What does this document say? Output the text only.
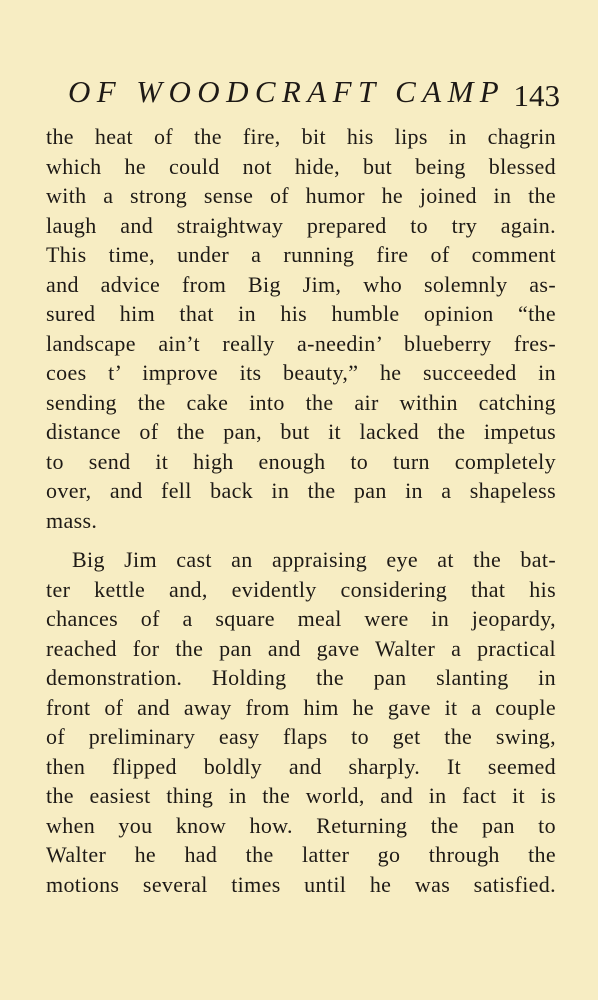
OF WOODCRAFT CAMP 143
the heat of the fire, bit his lips in chagrin
which he could not hide, but being blessed
with a strong sense of humor he joined in the
laugh and straightway prepared to try again.
This time, under a running fire of comment
and advice from Big Jim, who solemnly as-
sured him that in his humble opinion “the
landscape ain’t really a-needin’ blueberry fres-
coes t’ improve its beauty,” he succeeded in
sending the cake into the air within catching
distance of the pan, but it lacked the impetus
to send it high enough to turn completely
over, and fell back in the pan in a shapeless
mass.
Big Jim cast an appraising eye at the bat-
ter kettle and, evidently considering that his
chances of a square meal were in jeopardy,
reached for the pan and gave Walter a practical
demonstration. Holding the pan slanting in
front of and away from him he gave it a couple
of preliminary easy flaps to get the swing,
then flipped boldly and sharply. It seemed
the easiest thing in the world, and in fact it is
when you know how. Returning the pan to
Walter he had the latter go through the
motions several times until he was satisfied.
